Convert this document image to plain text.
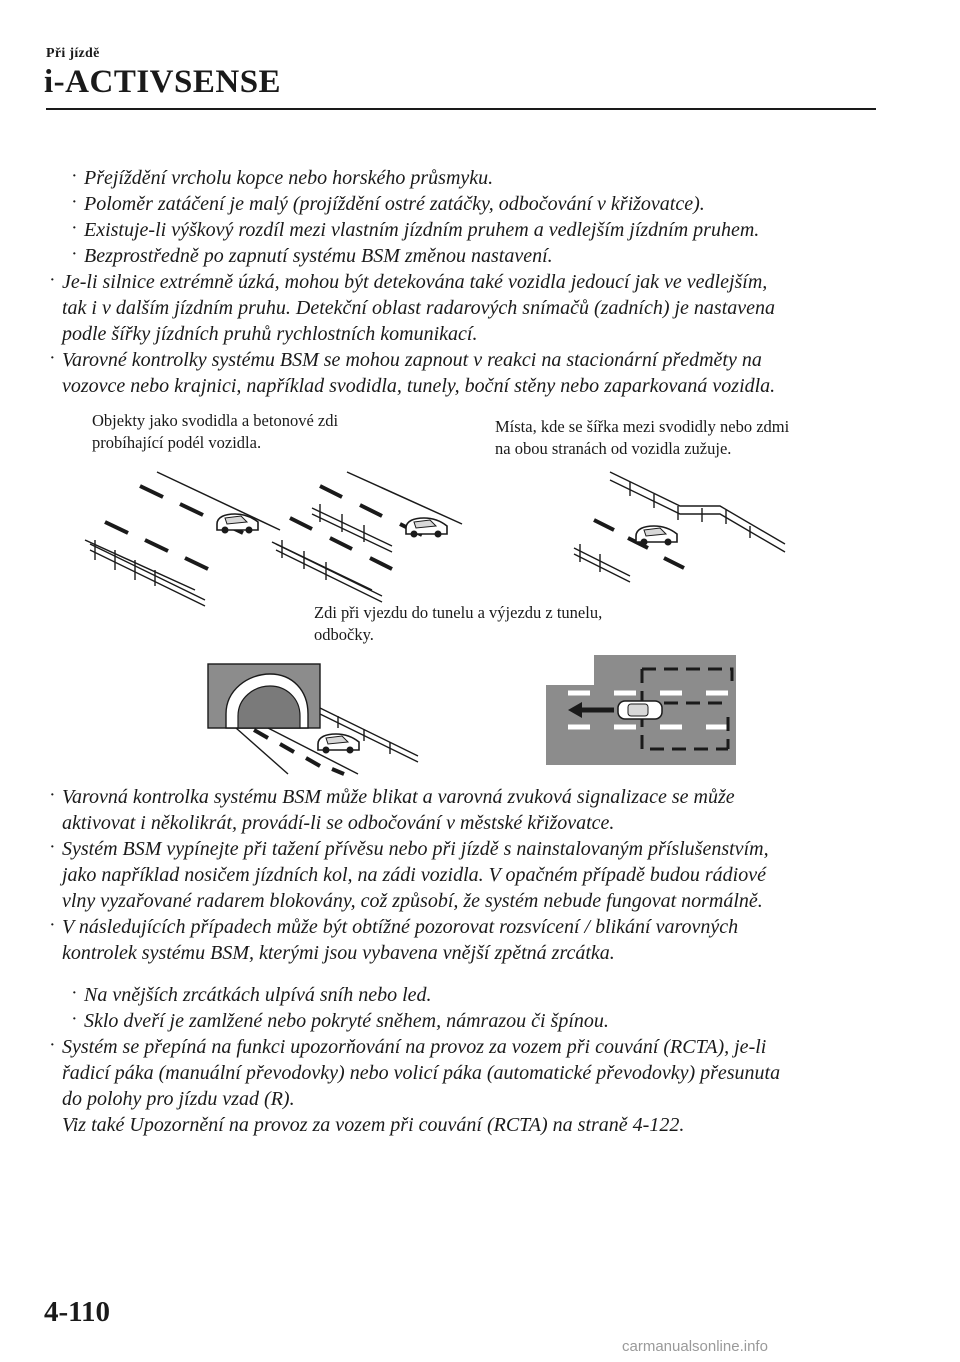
Při jízdě
i-ACTIVSENSE
· Přejíždění vrcholu kopce nebo horského průsmyku.
· Poloměr zatáčení je malý (projíždění ostré zatáčky, odbočování v křižovatce).
· Existuje-li výškový rozdíl mezi vlastním jízdním pruhem a vedlejším jízdním pruhem.
· Bezprostředně po zapnutí systému BSM změnou nastavení.
· Je-li silnice extrémně úzká, mohou být detekována také vozidla jedoucí jak ve vedlejším,
tak i v dalším jízdním pruhu. Detekční oblast radarových snímačů (zadních) je nastavena
podle šířky jízdních pruhů rychlostních komunikací.
· Varovné kontrolky systému BSM se mohou zapnout v reakci na stacionární předměty na
vozovce nebo krajnici, například svodidla, tunely, boční stěny nebo zaparkovaná vozidla.
Objekty jako svodidla a betonové zdi
probíhající podél vozidla.
Místa, kde se šířka mezi svodidly nebo zdmi
na obou stranách od vozidla zužuje.
Zdi při vjezdu do tunelu a výjezdu z tunelu,
odbočky.
· Varovná kontrolka systému BSM může blikat a varovná zvuková signalizace se může
aktivovat i několikrát, provádí-li se odbočování v městské křižovatce.
· Systém BSM vypínejte při tažení přívěsu nebo při jízdě s nainstalovaným příslušenstvím,
jako například nosičem jízdních kol, na zádi vozidla. V opačném případě budou rádiové
vlny vyzařované radarem blokovány, což způsobí, že systém nebude fungovat normálně.
· V následujících případech může být obtížné pozorovat rozsvícení / blikání varovných
kontrolek systému BSM, kterými jsou vybavena vnější zpětná zrcátka.
· Na vnějších zrcátkách ulpívá sníh nebo led.
· Sklo dveří je zamlžené nebo pokryté sněhem, námrazou či špínou.
· Systém se přepíná na funkci upozorňování na provoz za vozem při couvání (RCTA), je-li
řadicí páka (manuální převodovky) nebo volicí páka (automatické převodovky) přesunuta
do polohy pro jízdu vzad (R).
Viz také Upozornění na provoz za vozem při couvání (RCTA) na straně 4-122.
4-110
carmanualsonline.info
